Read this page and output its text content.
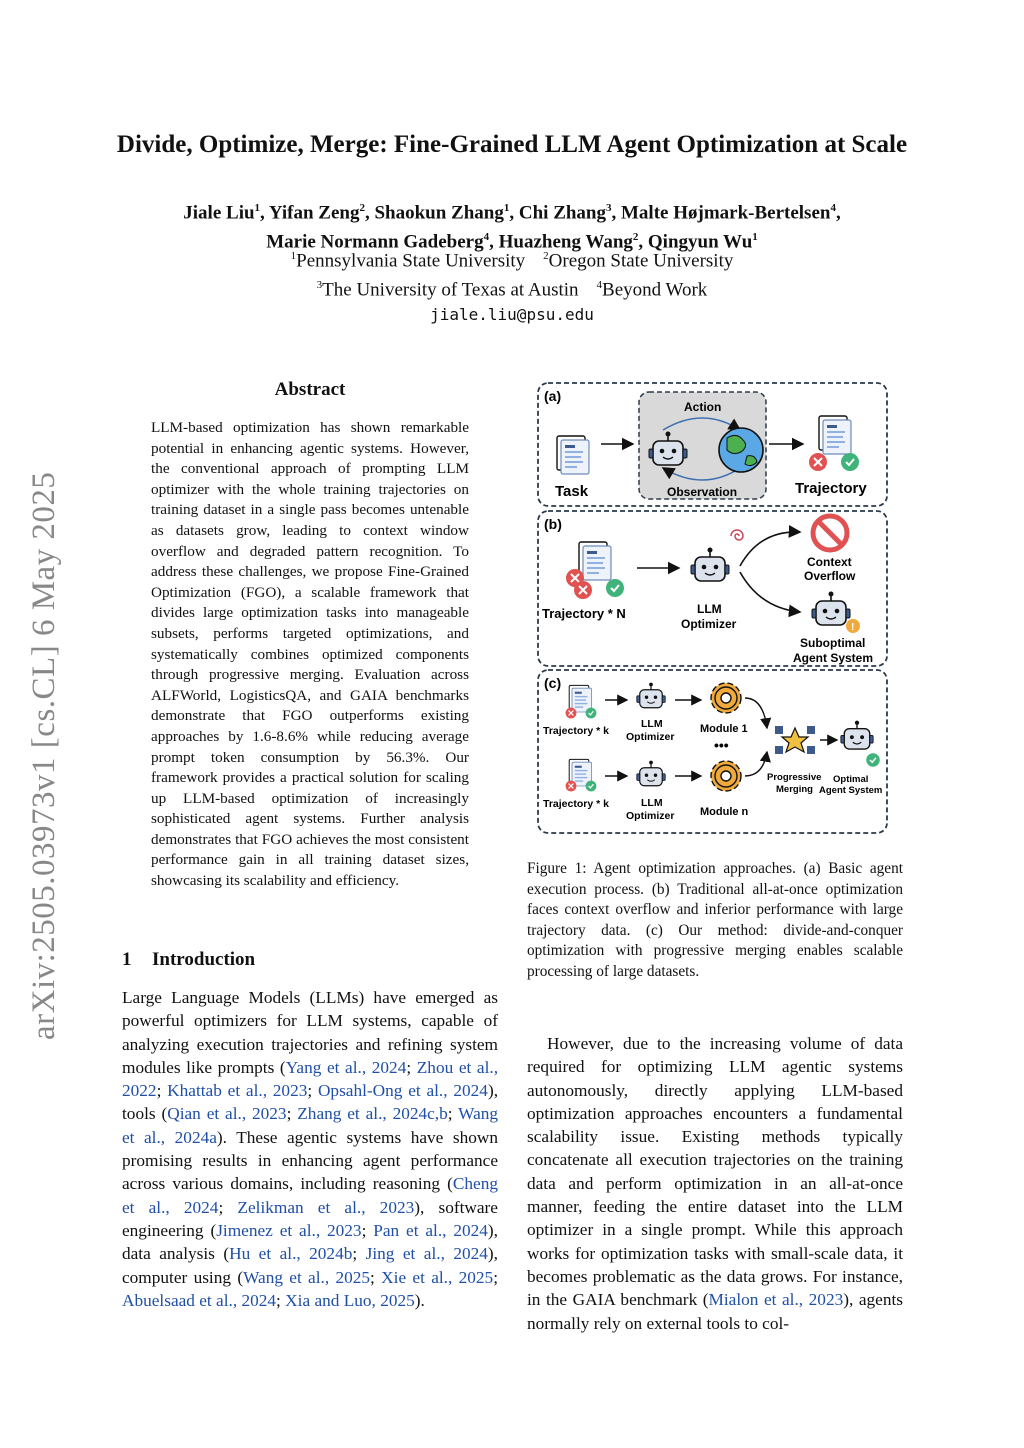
arXiv:2505.03973v1 [cs.CL] 6 May 2025
Divide, Optimize, Merge: Fine-Grained LLM Agent Optimization at Scale
Jiale Liu$^1$, Yifan Zeng$^2$, Shaokun Zhang$^1$, Chi Zhang$^3$, Malte Højmark-Bertelsen$^4$,
Marie Normann Gadeberg$^4$, Huazheng Wang$^2$, Qingyun Wu$^1$
$^1$Pennsylvania State University $^2$Oregon State University
$^3$The University of Texas at Austin $^4$Beyond Work
jiale.liu@psu.edu
Abstract
LLM-based optimization has shown remarkable potential in enhancing agentic systems. However, the conventional approach of prompting LLM optimizer with the whole training trajectories on training dataset in a single pass becomes untenable as datasets grow, leading to context window overflow and degraded pattern recognition. To address these challenges, we propose Fine-Grained Optimization (FGO), a scalable framework that divides large optimization tasks into manageable subsets, performs targeted optimizations, and systematically combines optimized components through progressive merging. Evaluation across ALFWorld, LogisticsQA, and GAIA benchmarks demonstrate that FGO outperforms existing approaches by 1.6-8.6% while reducing average prompt token consumption by 56.3%. Our framework provides a practical solution for scaling up LLM-based optimization of increasingly sophisticated agent systems. Further analysis demonstrates that FGO achieves the most consistent performance gain in all training dataset sizes, showcasing its scalability and efficiency.
1 Introduction
Large Language Models (LLMs) have emerged as powerful optimizers for LLM systems, capable of analyzing execution trajectories and refining system modules like prompts (Yang et al., 2024; Zhou et al., 2022; Khattab et al., 2023; Opsahl-Ong et al., 2024), tools (Qian et al., 2023; Zhang et al., 2024c,b; Wang et al., 2024a). These agentic systems have shown promising results in enhancing agent performance across various domains, including reasoning (Cheng et al., 2024; Zelikman et al., 2023), software engineering (Jimenez et al., 2023; Pan et al., 2024), data analysis (Hu et al., 2024b; Jing et al., 2024), computer using (Wang et al., 2025; Xie et al., 2025; Abuelsaad et al., 2024; Xia and Luo, 2025).
(a)
Task
Action
Observation	Trajectory
(b)
Trajectory * N	LLM
Optimizer
Context
Overflow
!
Suboptimal
Agent System
(c)
Trajectory * k
LLM
Optimizer
Module 1
•••
Trajectory * k	LLM
Optimizer Module n
Progressive
Merging
Optimal
Agent System
Figure 1: Agent optimization approaches. (a) Basic agent execution process. (b) Traditional all-at-once optimization faces context overflow and inferior performance with large trajectory data. (c) Our method: divide-and-conquer optimization with progressive merging enables scalable processing of large datasets.
However, due to the increasing volume of data required for optimizing LLM agentic systems autonomously, directly applying LLM-based optimization approaches encounters a fundamental scalability issue. Existing methods typically concatenate all execution trajectories on the training data and perform optimization in an all-at-once manner, feeding the entire dataset into the LLM optimizer in a single prompt. While this approach works for optimization tasks with small-scale data, it becomes problematic as the data grows. For instance, in the GAIA benchmark (Mialon et al., 2023), agents normally rely on external tools to col-
